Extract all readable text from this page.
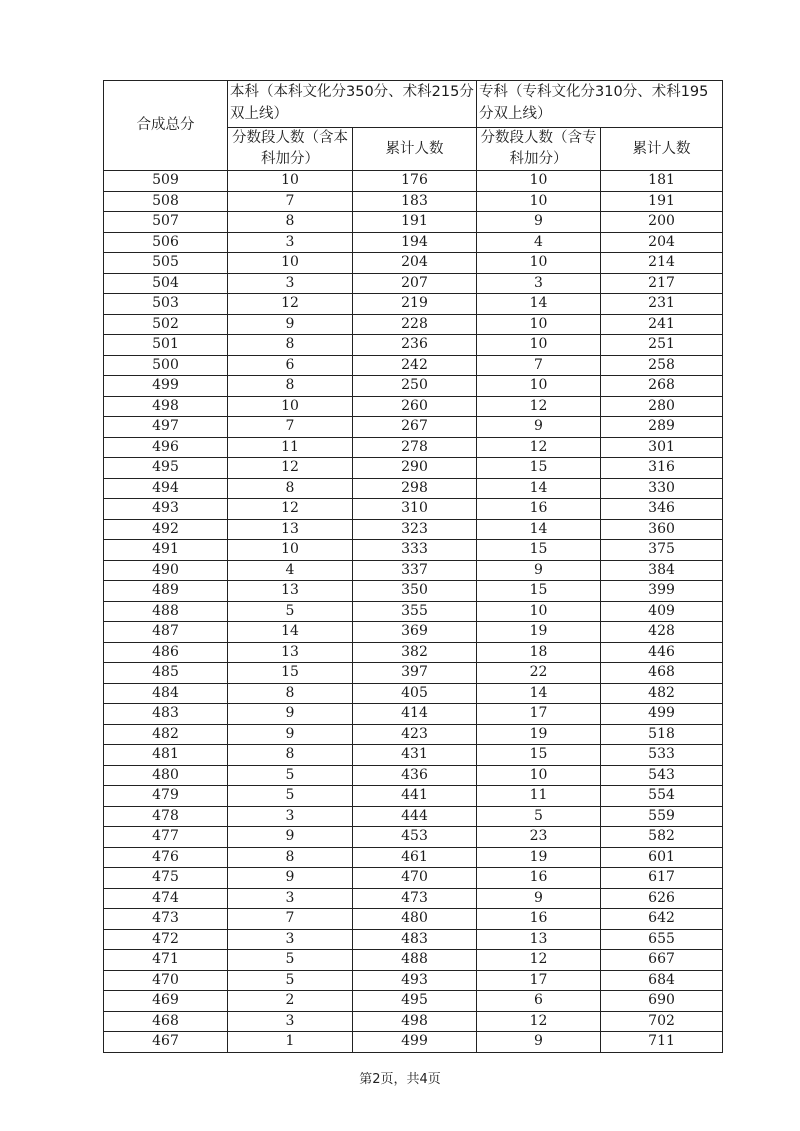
合成总分	本科（本科文化分350分、术科215分双上线）		专科（专科文化分310分、术科195分双上线）	

	分数段人数（含本科加分）	累计人数	分数段人数（含专科加分）	累计人数
509	10	176	10	181
508	7	183	10	191
507	8	191	9	200
506	3	194	4	204
505	10	204	10	214
504	3	207	3	217
503	12	219	14	231
502	9	228	10	241
501	8	236	10	251
500	6	242	7	258
499	8	250	10	268
498	10	260	12	280
497	7	267	9	289
496	11	278	12	301
495	12	290	15	316
494	8	298	14	330
493	12	310	16	346
492	13	323	14	360
491	10	333	15	375
490	4	337	9	384
489	13	350	15	399
488	5	355	10	409
487	14	369	19	428
486	13	382	18	446
485	15	397	22	468
484	8	405	14	482
483	9	414	17	499
482	9	423	19	518
481	8	431	15	533
480	5	436	10	543
479	5	441	11	554
478	3	444	5	559
477	9	453	23	582
476	8	461	19	601
475	9	470	16	617
474	3	473	9	626
473	7	480	16	642
472	3	483	13	655
471	5	488	12	667
470	5	493	17	684
469	2	495	6	690
468	3	498	12	702
467	1	499	9	711
第2页，共4页
